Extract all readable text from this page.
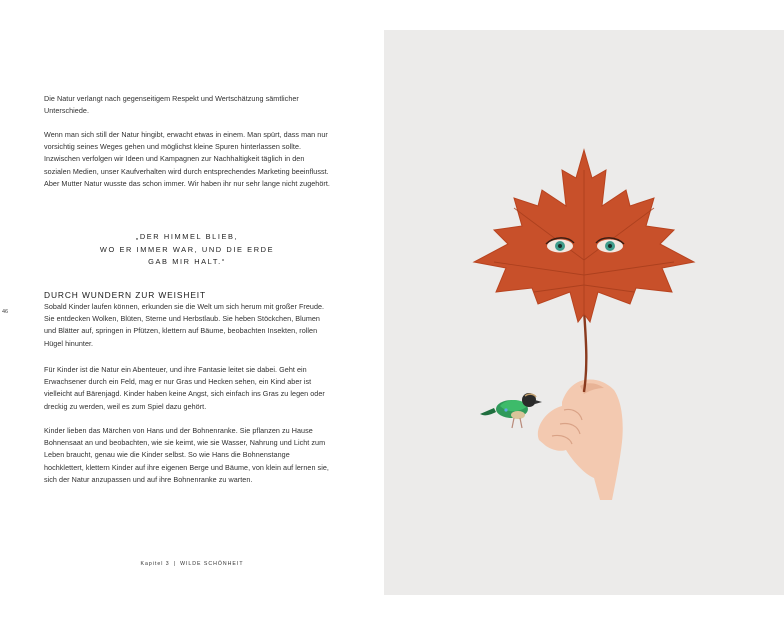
Die Natur verlangt nach gegenseitigem Respekt und Wertschätzung sämtlicher Unterschiede.

Wenn man sich still der Natur hingibt, erwacht etwas in einem. Man spürt, dass man nur vorsichtig seines Weges gehen und möglichst kleine Spuren hinterlassen sollte. Inzwischen verfolgen wir Ideen und Kampagnen zur Nachhaltigkeit täglich in den sozialen Medien, unser Kaufverhalten wird durch entsprechendes Marketing beeinflusst. Aber Mutter Natur wusste das schon immer. Wir haben ihr nur sehr lange nicht zugehört.

„DER HIMMEL BLIEB,
WO ER IMMER WAR, UND DIE ERDE
GAB MIR HALT.“
DURCH WUNDERN ZUR WEISHEIT

Sobald Kinder laufen können, erkunden sie die Welt um sich herum mit großer Freude. Sie entdecken Wolken, Blüten, Sterne und Herbstlaub. Sie heben Stöckchen, Blumen und Blätter auf, springen in Pfützen, klettern auf Bäume, beobachten Insekten, rollen Hügel hinunter.

Für Kinder ist die Natur ein Abenteuer, und ihre Fantasie leitet sie dabei. Geht ein Erwachsener durch ein Feld, mag er nur Gras und Hecken sehen, ein Kind aber ist vielleicht auf Bärenjagd. Kinder haben keine Angst, sich einfach ins Gras zu legen oder dreckig zu werden, weil es zum Spiel dazu gehört.

Kinder lieben das Märchen von Hans und der Bohnenranke. Sie pflanzen zu Hause Bohnensaat an und beobachten, wie sie keimt, wie sie Wasser, Nahrung und Licht zum Leben braucht, genau wie die Kinder selbst. So wie Hans die Bohnenstange hochklettert, klettern Kinder auf ihre eigenen Berge und Bäume, von klein auf lernen sie, sich der Natur anzupassen und auf ihre Bohnenranke zu warten.

46
Kapitel 3 | WILDE SCHÖNHEIT
